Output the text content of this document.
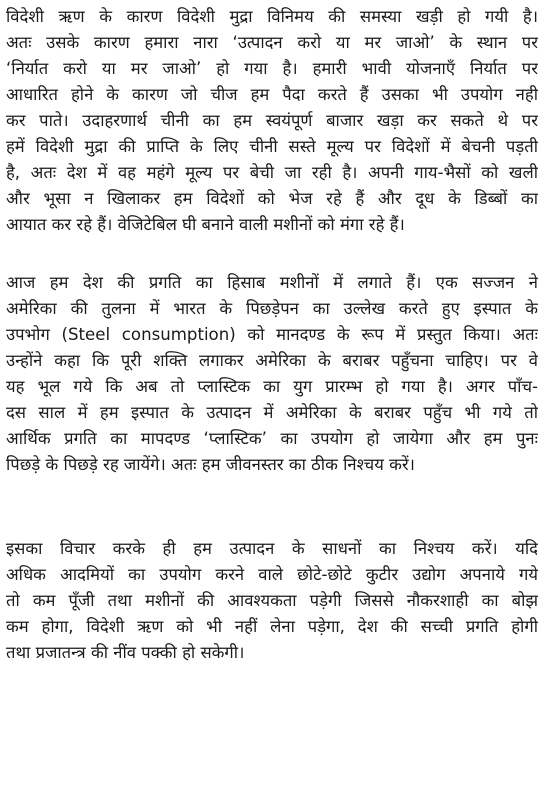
विदेशी ऋण के कारण विदेशी मुद्रा विनिमय की समस्या खड़ी हो गयी है।
अतः उसके कारण हमारा नारा ‘उत्पादन करो या मर जाओ’ के स्थान पर
‘निर्यात करो या मर जाओ’ हो गया है। हमारी भावी योजनाएँ निर्यात पर
आधारित होने के कारण जो चीज हम पैदा करते हैं उसका भी उपयोग नही
कर पाते। उदाहरणार्थ चीनी का हम स्वयंपूर्ण बाजार खड़ा कर सकते थे पर
हमें विदेशी मुद्रा की प्राप्ति के लिए चीनी सस्ते मूल्य पर विदेशों में बेचनी पड़ती
है, अतः देश में वह महंगे मूल्य पर बेची जा रही है। अपनी गाय-भैसों को खली
और भूसा न खिलाकर हम विदेशों को भेज रहे हैं और दूध के डिब्बों का
आयात कर रहे हैं। वेजिटेबिल घी बनाने वाली मशीनों को मंगा रहे हैं।
आज हम देश की प्रगति का हिसाब मशीनों में लगाते हैं। एक सज्जन ने
अमेरिका की तुलना में भारत के पिछड़ेपन का उल्लेख करते हुए इस्पात के
उपभोग (Steel consumption) को मानदण्ड के रूप में प्रस्तुत किया। अतः
उन्होंने कहा कि पूरी शक्ति लगाकर अमेरिका के बराबर पहुँचना चाहिए। पर वे
यह भूल गये कि अब तो प्लास्टिक का युग प्रारम्भ हो गया है। अगर पाँच-
दस साल में हम इस्पात के उत्पादन में अमेरिका के बराबर पहुँच भी गये तो
आर्थिक प्रगति का मापदण्ड ‘प्लास्टिक’ का उपयोग हो जायेगा और हम पुनः
पिछड़े के पिछड़े रह जायेंगे। अतः हम जीवनस्तर का ठीक निश्चय करें।
इसका विचार करके ही हम उत्पादन के साधनों का निश्चय करें। यदि
अधिक आदमियों का उपयोग करने वाले छोटे-छोटे कुटीर उद्योग अपनाये गये
तो कम पूँजी तथा मशीनों की आवश्यकता पड़ेगी जिससे नौकरशाही का बोझ
कम होगा, विदेशी ऋण को भी नहीं लेना पड़ेगा, देश की सच्ची प्रगति होगी
तथा प्रजातन्त्र की नींव पक्की हो सकेगी।
